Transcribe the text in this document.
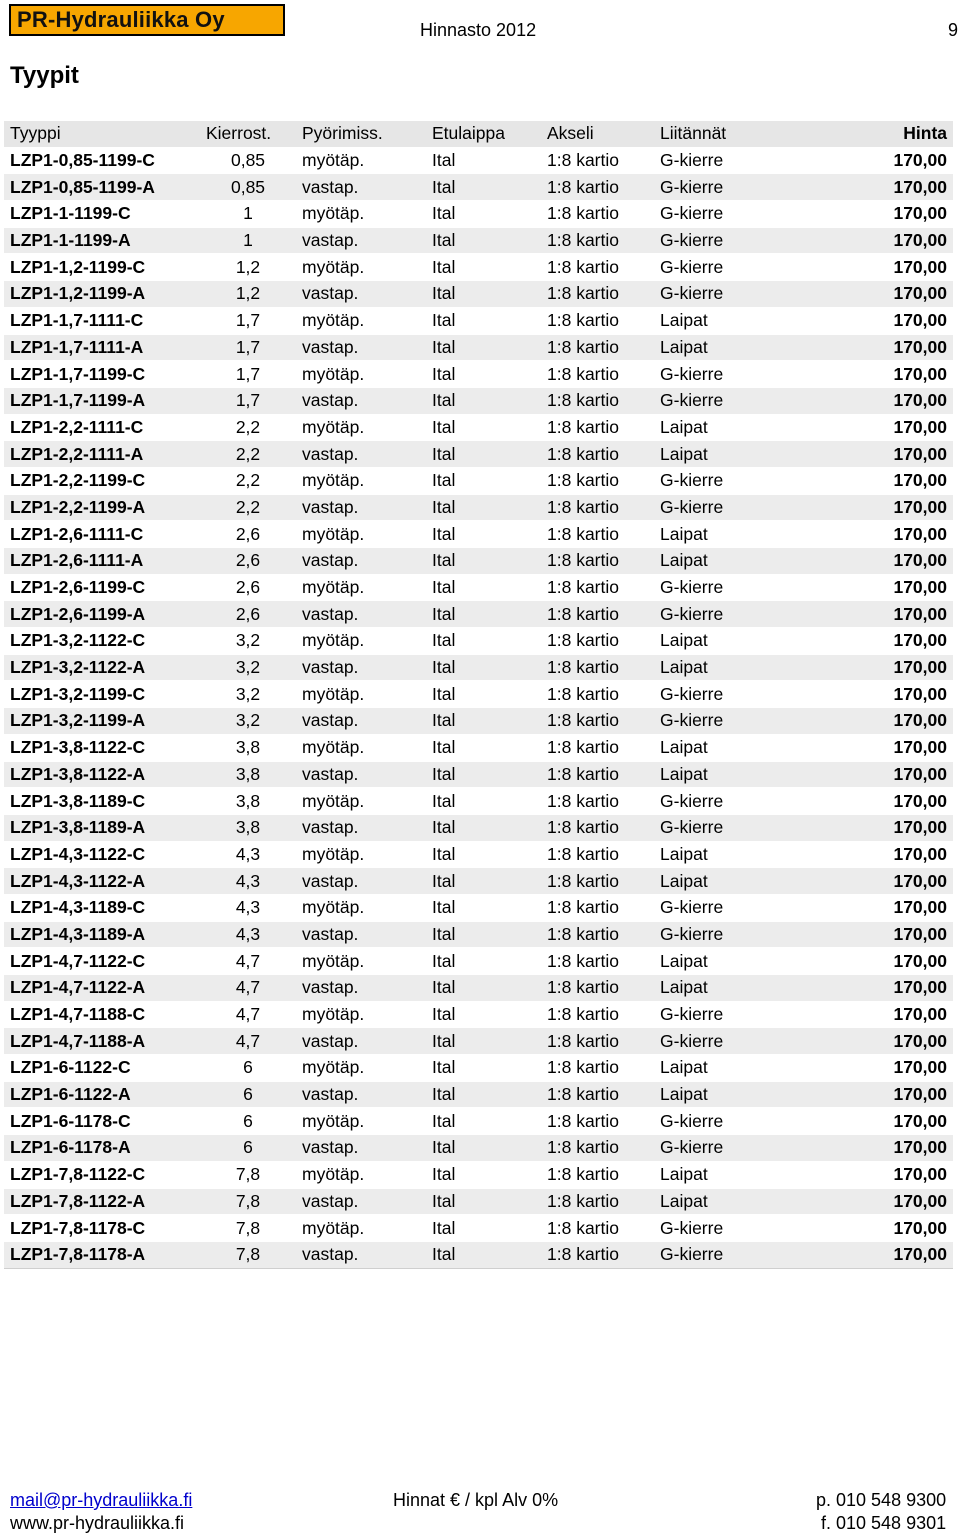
PR-Hydrauliikka Oy	Hinnasto 2012	9
Tyypit
Tyyppi	Kierrost.	Pyörimiss.	Etulaippa	Akseli	Liitännät	Hinta
LZP1-0,85-1199-C	0,85	myötäp.	Ital	1:8 kartio	G-kierre	170,00
LZP1-0,85-1199-A	0,85	vastap.	Ital	1:8 kartio	G-kierre	170,00
LZP1-1-1199-C	1	myötäp.	Ital	1:8 kartio	G-kierre	170,00
LZP1-1-1199-A	1	vastap.	Ital	1:8 kartio	G-kierre	170,00
LZP1-1,2-1199-C	1,2	myötäp.	Ital	1:8 kartio	G-kierre	170,00
LZP1-1,2-1199-A	1,2	vastap.	Ital	1:8 kartio	G-kierre	170,00
LZP1-1,7-1111-C	1,7	myötäp.	Ital	1:8 kartio	Laipat	170,00
LZP1-1,7-1111-A	1,7	vastap.	Ital	1:8 kartio	Laipat	170,00
LZP1-1,7-1199-C	1,7	myötäp.	Ital	1:8 kartio	G-kierre	170,00
LZP1-1,7-1199-A	1,7	vastap.	Ital	1:8 kartio	G-kierre	170,00
LZP1-2,2-1111-C	2,2	myötäp.	Ital	1:8 kartio	Laipat	170,00
LZP1-2,2-1111-A	2,2	vastap.	Ital	1:8 kartio	Laipat	170,00
LZP1-2,2-1199-C	2,2	myötäp.	Ital	1:8 kartio	G-kierre	170,00
LZP1-2,2-1199-A	2,2	vastap.	Ital	1:8 kartio	G-kierre	170,00
LZP1-2,6-1111-C	2,6	myötäp.	Ital	1:8 kartio	Laipat	170,00
LZP1-2,6-1111-A	2,6	vastap.	Ital	1:8 kartio	Laipat	170,00
LZP1-2,6-1199-C	2,6	myötäp.	Ital	1:8 kartio	G-kierre	170,00
LZP1-2,6-1199-A	2,6	vastap.	Ital	1:8 kartio	G-kierre	170,00
LZP1-3,2-1122-C	3,2	myötäp.	Ital	1:8 kartio	Laipat	170,00
LZP1-3,2-1122-A	3,2	vastap.	Ital	1:8 kartio	Laipat	170,00
LZP1-3,2-1199-C	3,2	myötäp.	Ital	1:8 kartio	G-kierre	170,00
LZP1-3,2-1199-A	3,2	vastap.	Ital	1:8 kartio	G-kierre	170,00
LZP1-3,8-1122-C	3,8	myötäp.	Ital	1:8 kartio	Laipat	170,00
LZP1-3,8-1122-A	3,8	vastap.	Ital	1:8 kartio	Laipat	170,00
LZP1-3,8-1189-C	3,8	myötäp.	Ital	1:8 kartio	G-kierre	170,00
LZP1-3,8-1189-A	3,8	vastap.	Ital	1:8 kartio	G-kierre	170,00
LZP1-4,3-1122-C	4,3	myötäp.	Ital	1:8 kartio	Laipat	170,00
LZP1-4,3-1122-A	4,3	vastap.	Ital	1:8 kartio	Laipat	170,00
LZP1-4,3-1189-C	4,3	myötäp.	Ital	1:8 kartio	G-kierre	170,00
LZP1-4,3-1189-A	4,3	vastap.	Ital	1:8 kartio	G-kierre	170,00
LZP1-4,7-1122-C	4,7	myötäp.	Ital	1:8 kartio	Laipat	170,00
LZP1-4,7-1122-A	4,7	vastap.	Ital	1:8 kartio	Laipat	170,00
LZP1-4,7-1188-C	4,7	myötäp.	Ital	1:8 kartio	G-kierre	170,00
LZP1-4,7-1188-A	4,7	vastap.	Ital	1:8 kartio	G-kierre	170,00
LZP1-6-1122-C	6	myötäp.	Ital	1:8 kartio	Laipat	170,00
LZP1-6-1122-A	6	vastap.	Ital	1:8 kartio	Laipat	170,00
LZP1-6-1178-C	6	myötäp.	Ital	1:8 kartio	G-kierre	170,00
LZP1-6-1178-A	6	vastap.	Ital	1:8 kartio	G-kierre	170,00
LZP1-7,8-1122-C	7,8	myötäp.	Ital	1:8 kartio	Laipat	170,00
LZP1-7,8-1122-A	7,8	vastap.	Ital	1:8 kartio	Laipat	170,00
LZP1-7,8-1178-C	7,8	myötäp.	Ital	1:8 kartio	G-kierre	170,00
LZP1-7,8-1178-A	7,8	vastap.	Ital	1:8 kartio	G-kierre	170,00
mail@pr-hydrauliikka.fi
www.pr-hydrauliikka.fi
Hinnat € / kpl Alv 0%	p. 010 548 9300
f. 010 548 9301
